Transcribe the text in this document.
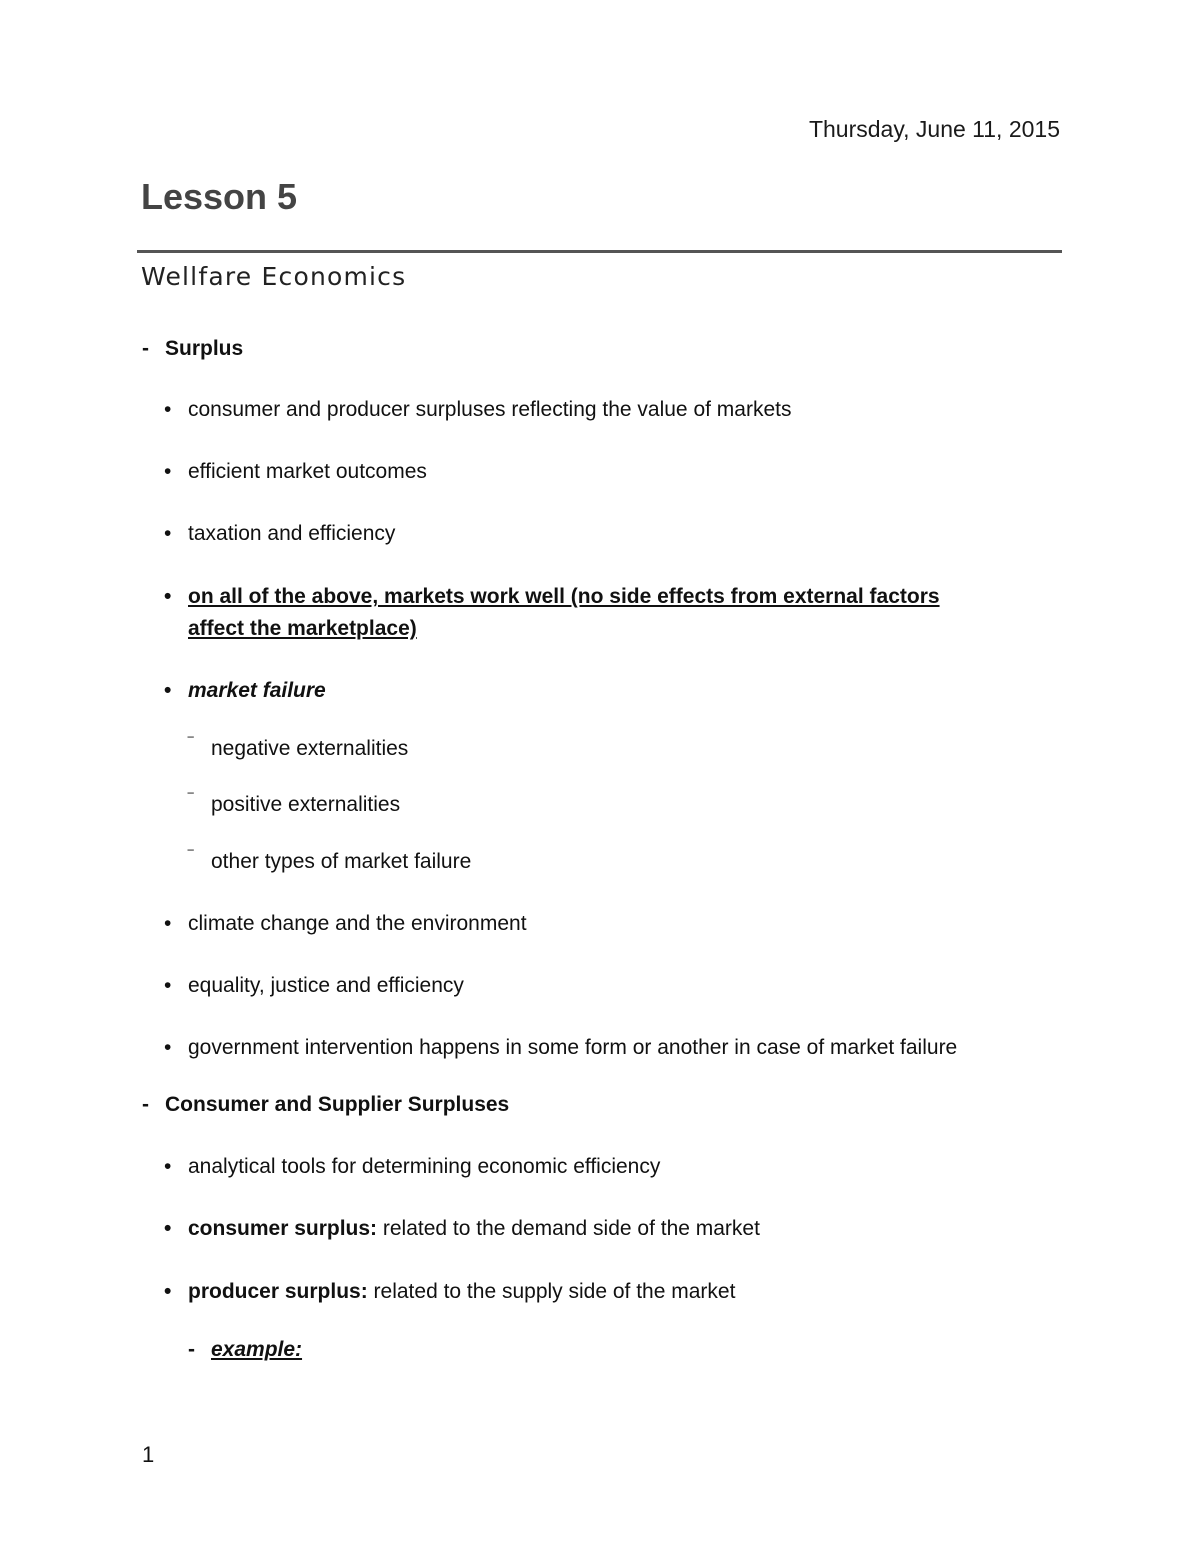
Thursday, June 11, 2015
Lesson 5
Wellfare Economics
- Surplus
• consumer and producer surpluses reflecting the value of markets
• efficient market outcomes
• taxation and efficiency
• on all of the above, markets work well (no side effects from external factors
affect the marketplace)
• market failure
‾ negative externalities
‾ positive externalities
‾ other types of market failure
• climate change and the environment
• equality, justice and efficiency
• government intervention happens in some form or another in case of market failure
- Consumer and Supplier Surpluses
• analytical tools for determining economic efficiency
• consumer surplus: related to the demand side of the market
• producer surplus: related to the supply side of the market
- example:
1
